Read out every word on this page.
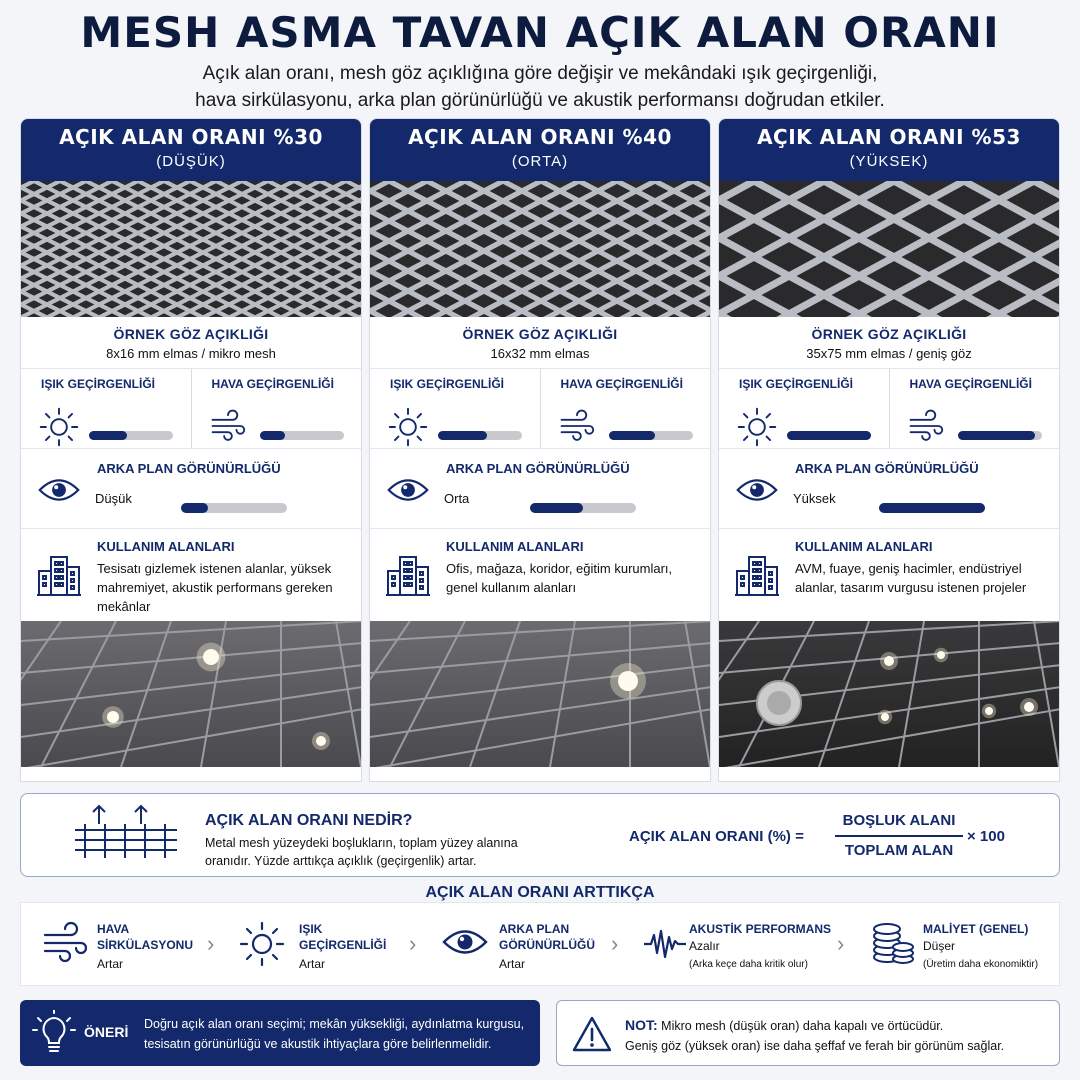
MESH ASMA TAVAN AÇIK ALAN ORANI
Açık alan oranı, mesh göz açıklığına göre değişir ve mekândaki ışık geçirgenliği,
hava sirkülasyonu, arka plan görünürlüğü ve akustik performansı doğrudan etkiler.
AÇIK ALAN ORANI %30
(DÜŞÜK)
ÖRNEK GÖZ AÇIKLIĞI
8x16 mm elmas / mikro mesh
IŞIK GEÇİRGENLİĞİ	HAVA GEÇİRGENLİĞİ
ARKA PLAN GÖRÜNÜRLÜĞÜ
Düşük
KULLANIM ALANLARI
Tesisatı gizlemek istenen alanlar, yüksek mahremiyet, akustik performans gereken mekânlar
AÇIK ALAN ORANI %40
(ORTA)
ÖRNEK GÖZ AÇIKLIĞI
16x32 mm elmas
IŞIK GEÇİRGENLİĞİ	HAVA GEÇİRGENLİĞİ
ARKA PLAN GÖRÜNÜRLÜĞÜ
Orta
KULLANIM ALANLARI
Ofis, mağaza, koridor, eğitim kurumları, genel kullanım alanları
AÇIK ALAN ORANI %53
(YÜKSEK)
ÖRNEK GÖZ AÇIKLIĞI
35x75 mm elmas / geniş göz
IŞIK GEÇİRGENLİĞİ	HAVA GEÇİRGENLİĞİ
ARKA PLAN GÖRÜNÜRLÜĞÜ
Yüksek
KULLANIM ALANLARI
AVM, fuaye, geniş hacimler, endüstriyel alanlar, tasarım vurgusu istenen projeler
AÇIK ALAN ORANI NEDİR?
Metal mesh yüzeydeki boşlukların, toplam yüzey alanına oranıdır. Yüzde arttıkça açıklık (geçirgenlik) artar.
AÇIK ALAN ORANI (%) =
BOŞLUK ALANI
TOPLAM ALAN
× 100
AÇIK ALAN ORANI ARTTIKÇA
HAVA
SİRKÜLASYONU
Artar
›
IŞIK
GEÇİRGENLİĞİ
Artar
›
ARKA PLAN
GÖRÜNÜRLÜĞÜ
Artar
›
AKUSTİK PERFORMANS
Azalır
(Arka keçe daha kritik olur)
›
MALİYET (GENEL)
Düşer
(Üretim daha ekonomiktir)
ÖNERİ Doğru açık alan oranı seçimi; mekân yüksekliği, aydınlatma kurgusu, tesisatın görünürlüğü ve akustik ihtiyaçlara göre belirlenmelidir.
NOT: Mikro mesh (düşük oran) daha kapalı ve örtücüdür.
Geniş göz (yüksek oran) ise daha şeffaf ve ferah bir görünüm sağlar.
